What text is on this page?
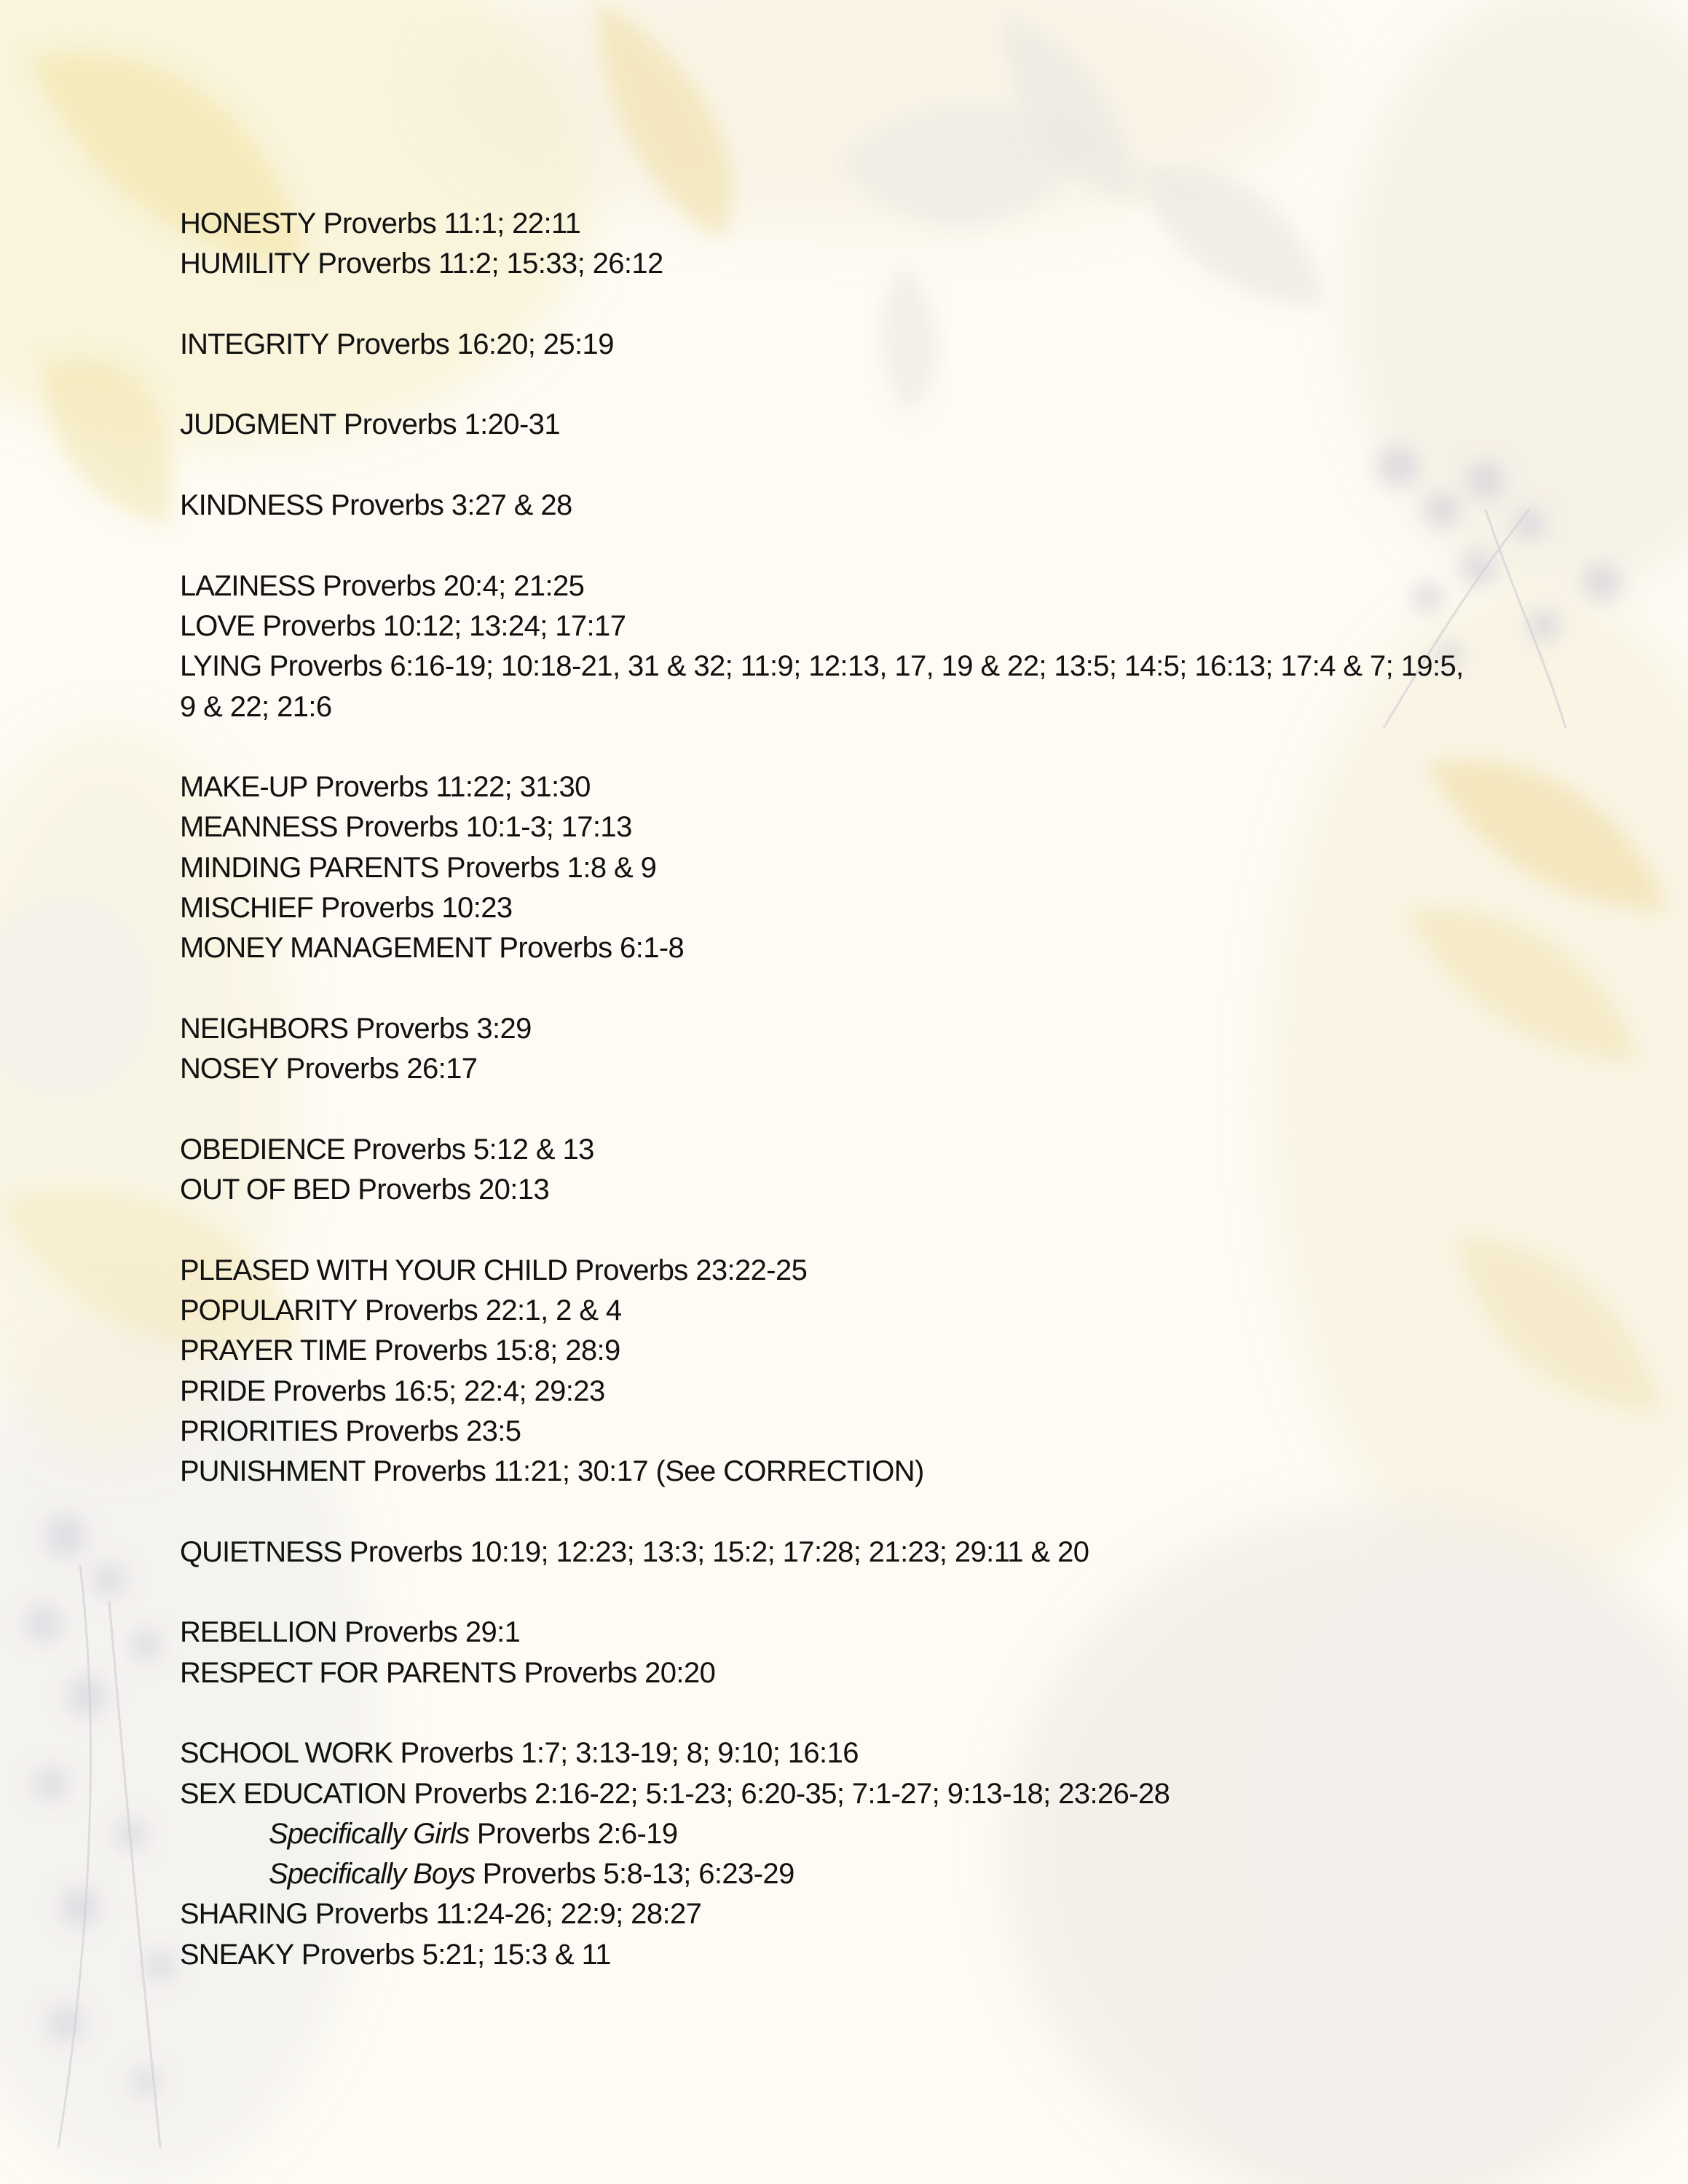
HONESTY Proverbs 11:1; 22:11

HUMILITY Proverbs 11:2; 15:33; 26:12

INTEGRITY Proverbs 16:20; 25:19

JUDGMENT Proverbs 1:20-31

KINDNESS Proverbs 3:27 & 28

LAZINESS Proverbs 20:4; 21:25

LOVE Proverbs 10:12; 13:24; 17:17

LYING Proverbs 6:16-19; 10:18-21, 31 & 32; 11:9; 12:13, 17, 19 & 22; 13:5; 14:5; 16:13; 17:4 & 7; 19:5, 9 & 22; 21:6

MAKE-UP Proverbs 11:22; 31:30

MEANNESS Proverbs 10:1-3; 17:13

MINDING PARENTS Proverbs 1:8 & 9

MISCHIEF Proverbs 10:23

MONEY MANAGEMENT Proverbs 6:1-8

NEIGHBORS Proverbs 3:29

NOSEY Proverbs 26:17

OBEDIENCE Proverbs 5:12 & 13

OUT OF BED Proverbs 20:13

PLEASED WITH YOUR CHILD Proverbs 23:22-25

POPULARITY Proverbs 22:1, 2 & 4

PRAYER TIME Proverbs 15:8; 28:9

PRIDE Proverbs 16:5; 22:4; 29:23

PRIORITIES Proverbs 23:5

PUNISHMENT Proverbs 11:21; 30:17 (See CORRECTION)

QUIETNESS Proverbs 10:19; 12:23; 13:3; 15:2; 17:28; 21:23; 29:11 & 20

REBELLION Proverbs 29:1

RESPECT FOR PARENTS Proverbs 20:20

SCHOOL WORK Proverbs 1:7; 3:13-19; 8; 9:10; 16:16

SEX EDUCATION Proverbs 2:16-22; 5:1-23; 6:20-35; 7:1-27; 9:13-18; 23:26-28

Specifically Girls Proverbs 2:6-19

Specifically Boys Proverbs 5:8-13; 6:23-29

SHARING Proverbs 11:24-26; 22:9; 28:27

SNEAKY Proverbs 5:21; 15:3 & 11
